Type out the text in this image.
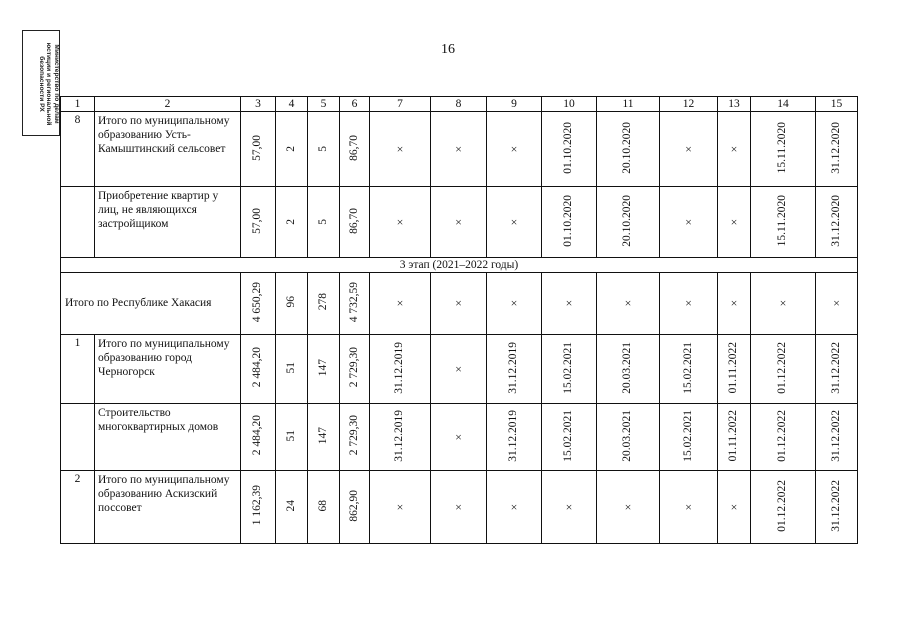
16
Министерство по делам юстиции и региональной безопасности РХ	1	2	3	4	5	6	7	8	9	10	11	12	13	14	15
8	Итого по муниципальному образованию Усть-Камыштинский сельсовет	57,00	2	5	86,70	×	×	×	01.10.2020	20.10.2020	×	×	15.11.2020	31.12.2020
	Приобретение квартир у лиц, не являющихся застройщиком	57,00	2	5	86,70	×	×	×	01.10.2020	20.10.2020	×	×	15.11.2020	31.12.2020
3 этап (2021–2022 годы)														
Итого по Республике Хакасия		4 650,29	96	278	4 732,59	×	×	×	×	×	×	×	×	×
1	Итого по муниципальному образованию город Черногорск	2 484,20	51	147	2 729,30	31.12.2019	×	31.12.2019	15.02.2021	20.03.2021	15.02.2021	01.11.2022	01.12.2022	31.12.2022
	Строительство многоквартирных домов	2 484,20	51	147	2 729,30	31.12.2019	×	31.12.2019	15.02.2021	20.03.2021	15.02.2021	01.11.2022	01.12.2022	31.12.2022
2	Итого по муниципальному образованию Аскизский поссовет	1 162,39	24	68	862,90	×	×	×	×	×	×	×	01.12.2022	31.12.2022
